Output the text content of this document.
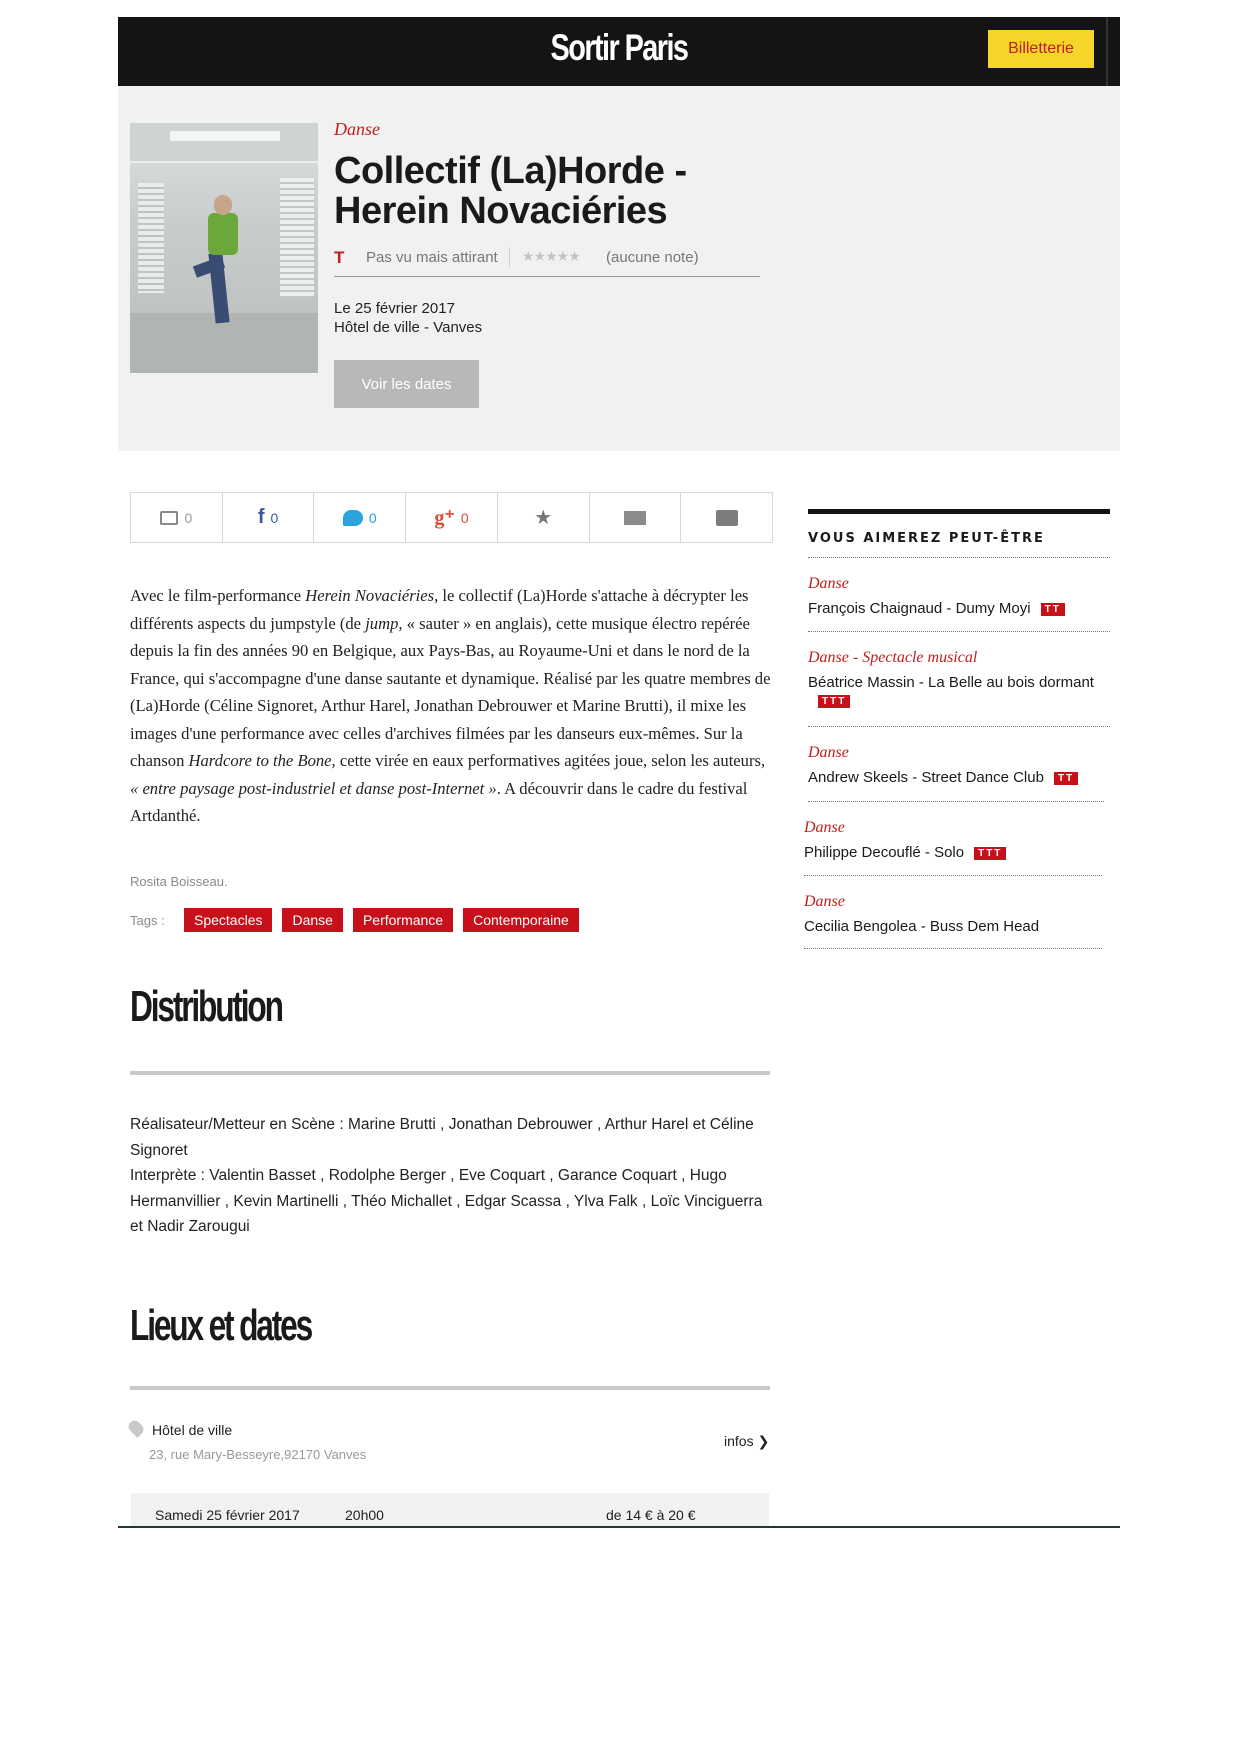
Sortir Paris	Billetterie
Danse
Collectif (La)Horde - Herein Novaciéries
T Pas vu mais attirant ★★★★★ (aucune note)
Le 25 février 2017
Hôtel de ville - Vanves
Voir les dates
0	f 0	0	g⁺ 0	★
Avec le film-performance Herein Novaciéries, le collectif (La)Horde s'attache à décrypter les différents aspects du jumpstyle (de jump, « sauter » en anglais), cette musique électro repérée depuis la fin des années 90 en Belgique, aux Pays-Bas, au Royaume-Uni et dans le nord de la France, qui s'accompagne d'une danse sautante et dynamique. Réalisé par les quatre membres de (La)Horde (Céline Signoret, Arthur Harel, Jonathan Debrouwer et Marine Brutti), il mixe les images d'une performance avec celles d'archives filmées par les danseurs eux-mêmes. Sur la chanson Hardcore to the Bone, cette virée en eaux performatives agitées joue, selon les auteurs, « entre paysage post-industriel et danse post-Internet ». A découvrir dans le cadre du festival Artdanthé.
Rosita Boisseau.
Tags :	Spectacles	Danse	Performance	Contemporaine
Distribution
Réalisateur/Metteur en Scène : Marine Brutti , Jonathan Debrouwer , Arthur Harel et Céline Signoret
Interprète : Valentin Basset , Rodolphe Berger , Eve Coquart , Garance Coquart , Hugo Hermanvillier , Kevin Martinelli , Théo Michallet , Edgar Scassa , Ylva Falk , Loïc Vinciguerra et Nadir Zarougui
Lieux et dates
Hôtel de ville
23, rue Mary-Besseyre,92170 Vanves
infos ❯
Samedi 25 février 2017	20h00	de 14 € à 20 €
VOUS AIMEREZ PEUT-ÊTRE
Danse
François Chaignaud - Dumy Moyi TT
Danse - Spectacle musical
Béatrice Massin - La Belle au bois dormant
TTT
Danse
Andrew Skeels - Street Dance Club TT
Danse
Philippe Decouflé - Solo TTT
Danse
Cecilia Bengolea - Buss Dem Head
